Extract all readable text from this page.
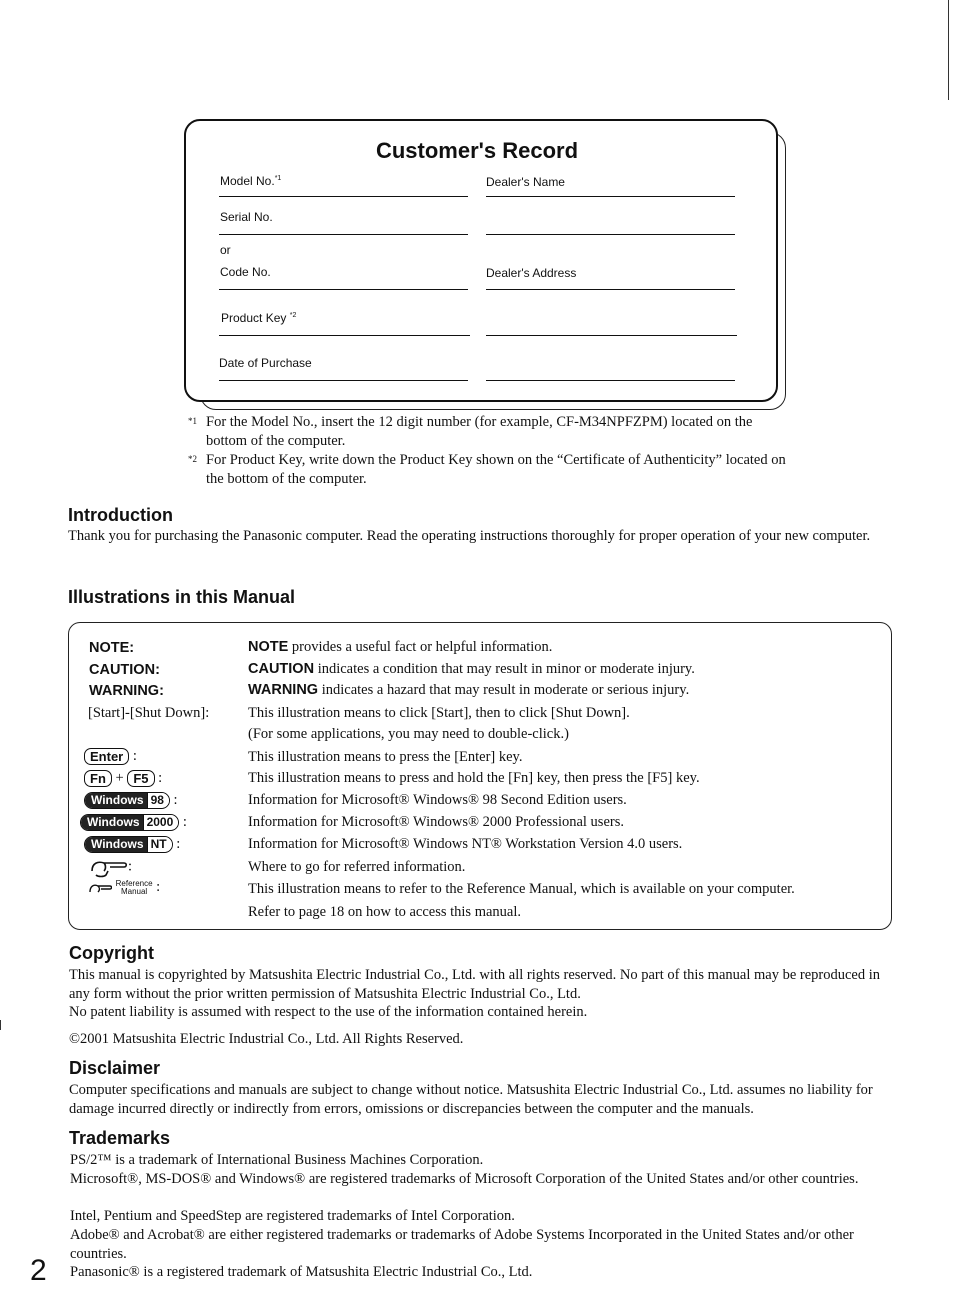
Customer's Record
Model No.$^{*1}$	Dealer's Name
Serial No.
or
Code No.	Dealer's Address
Product Key $^{*2}$
Date of Purchase
*1 For the Model No., insert the 12 digit number (for example, CF-M34NPFZPM) located on the bottom of the computer.
*2 For Product Key, write down the Product Key shown on the “Certificate of Authenticity” located on the bottom of the computer.
Introduction
Thank you for purchasing the Panasonic computer. Read the operating instructions thoroughly for proper operation of your new computer.
Illustrations in this Manual
NOTE:	NOTE provides a useful fact or helpful information.
CAUTION:	CAUTION indicates a condition that may result in minor or moderate injury.
WARNING:	WARNING indicates a hazard that may result in moderate or serious injury.
[Start]-[Shut Down]:	This illustration means to click [Start], then to click [Shut Down].
(For some applications, you may need to double-click.)
Enter :	This illustration means to press the [Enter] key.
Fn + F5 :	This illustration means to press and hold the [Fn] key, then press the [F5] key.
Windows 98 :	Information for Microsoft® Windows® 98 Second Edition users.
Windows 2000 :	Information for Microsoft® Windows® 2000 Professional users.
Windows NT :	Information for Microsoft® Windows NT® Workstation Version 4.0 users.
:	Where to go for referred information.
Reference
Manual :	This illustration means to refer to the Reference Manual, which is available on your computer.
Refer to page 18 on how to access this manual.
Copyright
This manual is copyrighted by Matsushita Electric Industrial Co., Ltd. with all rights reserved. No part of this manual may be reproduced in any form without the prior written permission of Matsushita Electric Industrial Co., Ltd.
No patent liability is assumed with respect to the use of the information contained herein.
©2001 Matsushita Electric Industrial Co., Ltd. All Rights Reserved.
Disclaimer
Computer specifications and manuals are subject to change without notice. Matsushita Electric Industrial Co., Ltd. assumes no liability for damage incurred directly or indirectly from errors, omissions or discrepancies between the computer and the manuals.
Trademarks
PS/2™ is a trademark of International Business Machines Corporation.
Microsoft®, MS-DOS® and Windows® are registered trademarks of Microsoft Corporation of the United States and/or other countries.
Intel, Pentium and SpeedStep are registered trademarks of Intel Corporation.
Adobe® and Acrobat® are either registered trademarks or trademarks of Adobe Systems Incorporated in the United States and/or other countries.
Panasonic® is a registered trademark of Matsushita Electric Industrial Co., Ltd.
2
